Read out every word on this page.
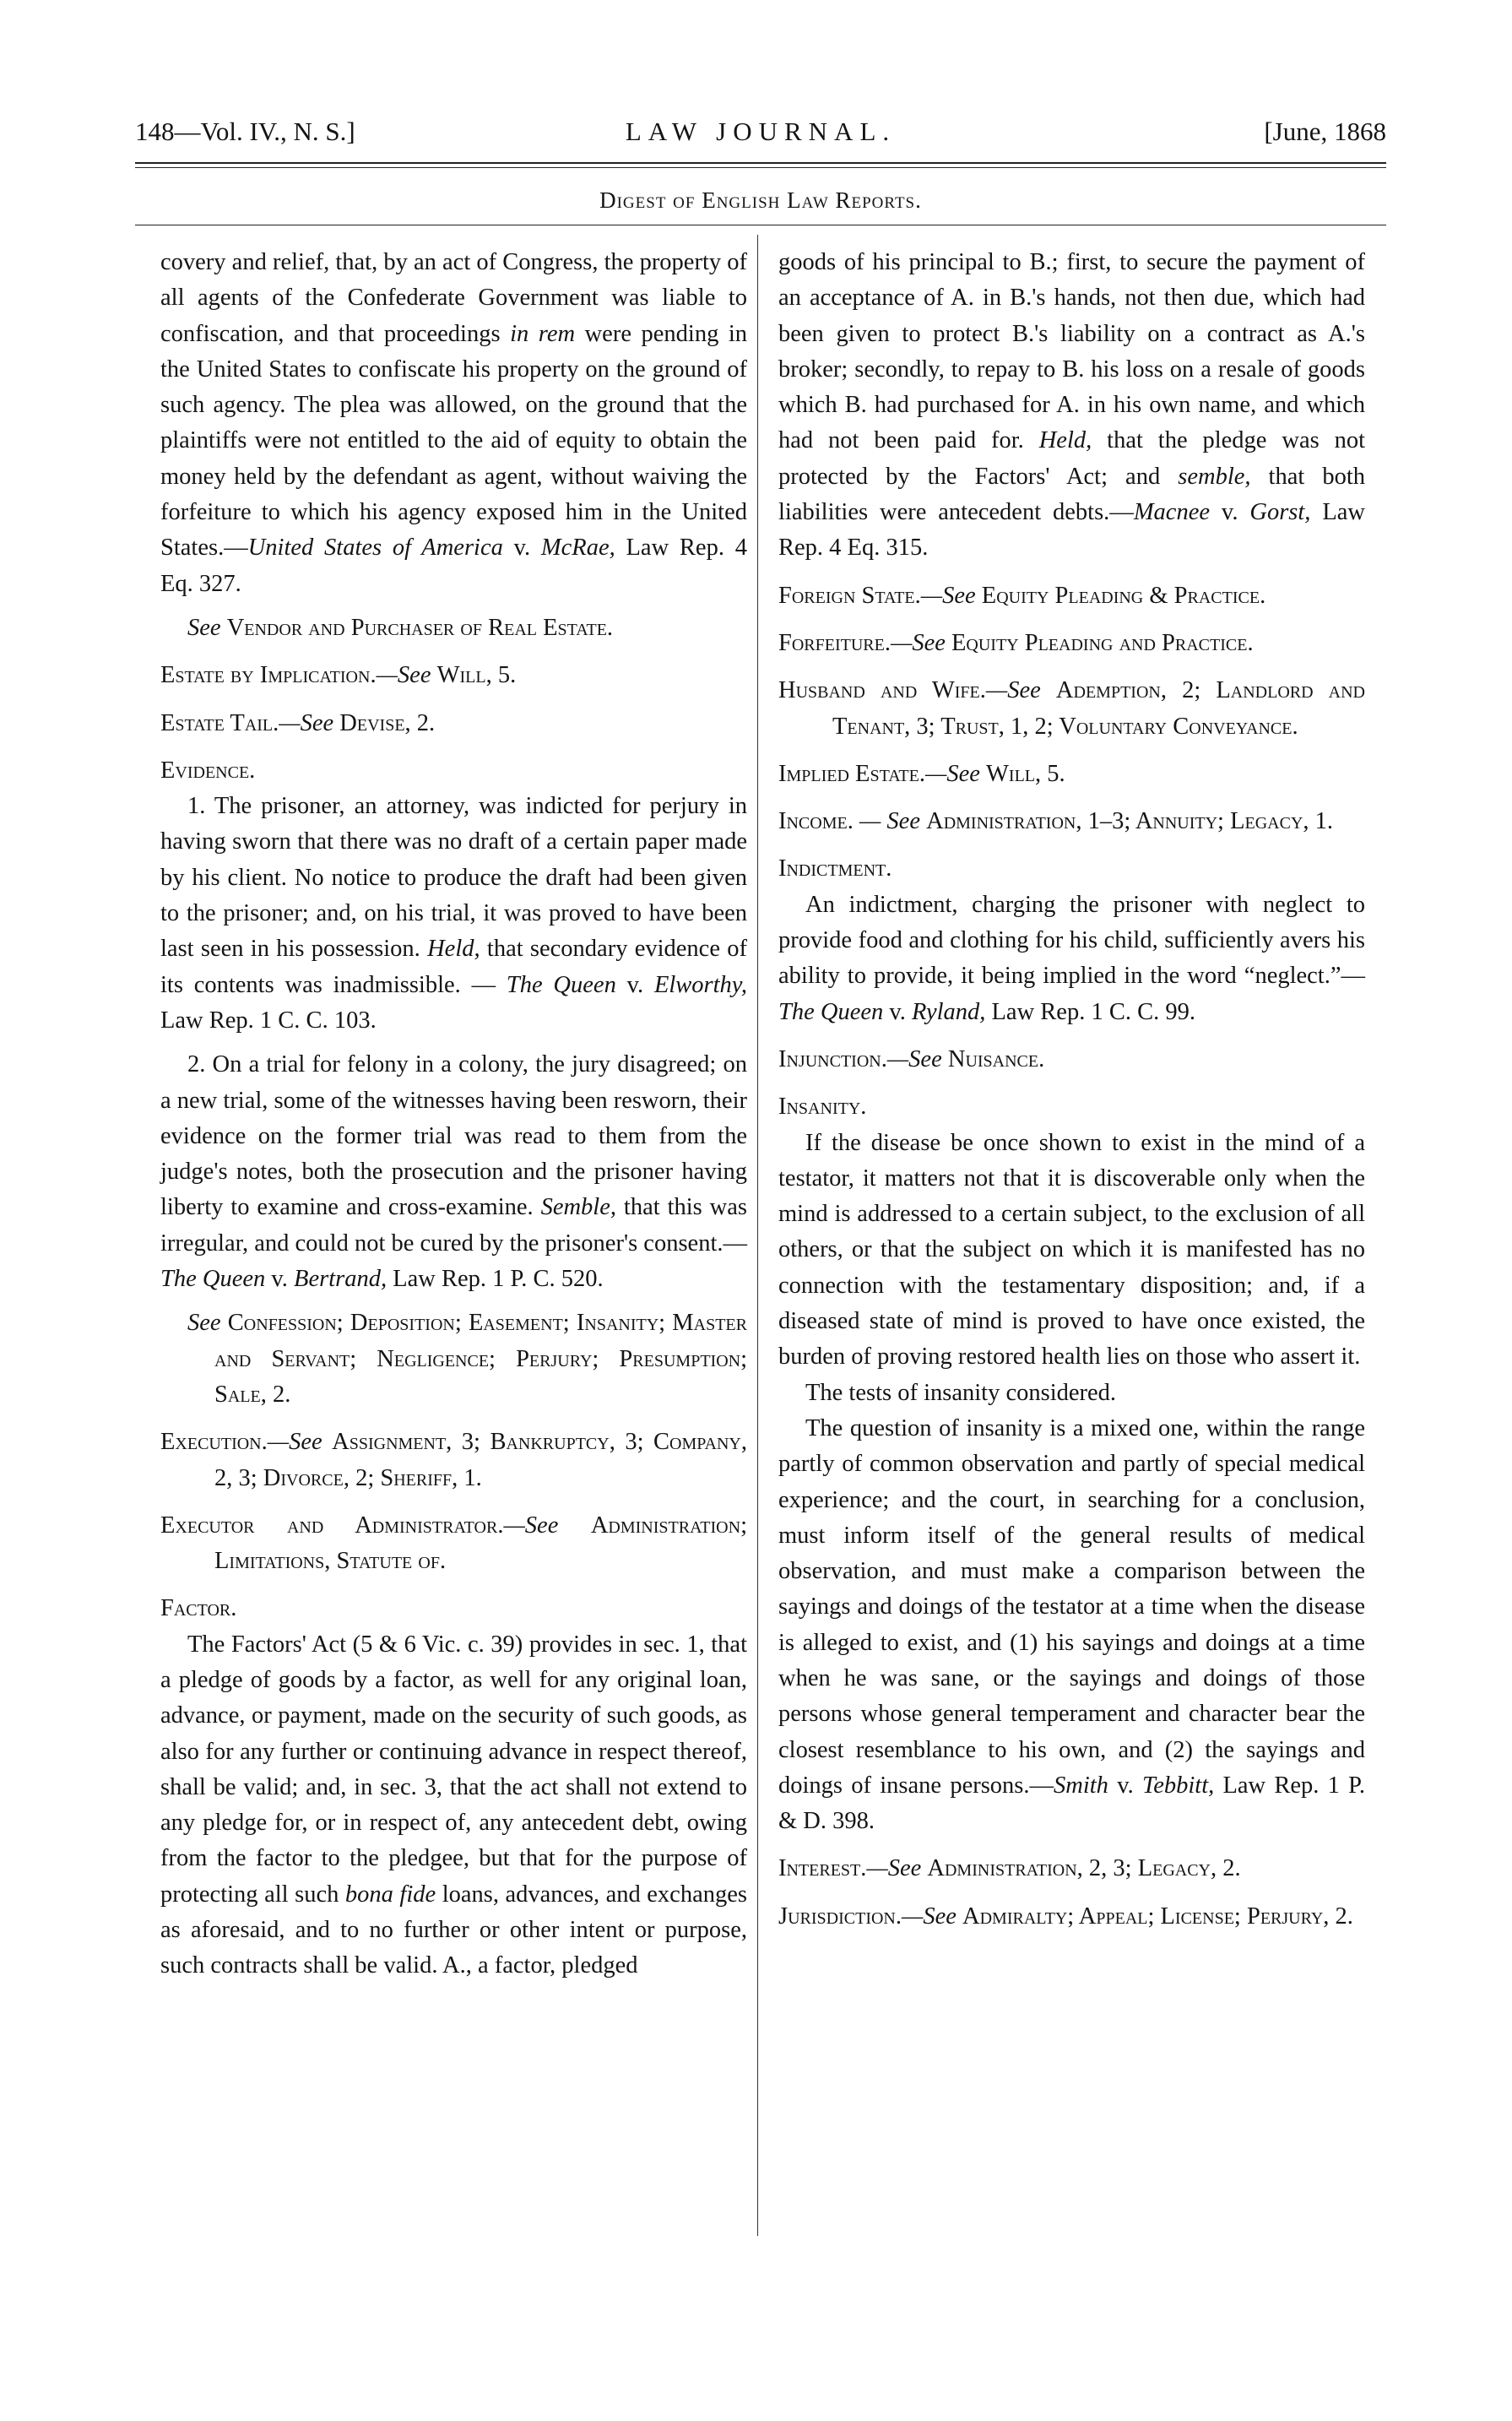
148—Vol. IV., N. S.]	LAW JOURNAL.	[June, 1868
Digest of English Law Reports.

covery and relief, that, by an act of Congress, the property of all agents of the Confederate Government was liable to confiscation, and that proceedings in rem were pending in the United States to confiscate his property on the ground of such agency. The plea was allowed, on the ground that the plaintiffs were not entitled to the aid of equity to obtain the money held by the defendant as agent, without waiving the forfeiture to which his agency exposed him in the United States.—United States of America v. McRae, Law Rep. 4 Eq. 327.

See Vendor and Purchaser of Real Estate.

Estate by Implication.—See Will, 5.

Estate Tail.—See Devise, 2.

Evidence.

1. The prisoner, an attorney, was indicted for perjury in having sworn that there was no draft of a certain paper made by his client. No notice to produce the draft had been given to the prisoner; and, on his trial, it was proved to have been last seen in his possession. Held, that secondary evidence of its contents was inadmissible. — The Queen v. Elworthy, Law Rep. 1 C. C. 103.

2. On a trial for felony in a colony, the jury disagreed; on a new trial, some of the witnesses having been resworn, their evidence on the former trial was read to them from the judge's notes, both the prosecution and the prisoner having liberty to examine and cross-examine. Semble, that this was irregular, and could not be cured by the prisoner's consent.—The Queen v. Bertrand, Law Rep. 1 P. C. 520.

See Confession; Deposition; Easement; Insanity; Master and Servant; Negligence; Perjury; Presumption; Sale, 2.

Execution.—See Assignment, 3; Bankruptcy, 3; Company, 2, 3; Divorce, 2; Sheriff, 1.

Executor and Administrator.—See Administration; Limitations, Statute of.

Factor.

The Factors' Act (5 & 6 Vic. c. 39) provides in sec. 1, that a pledge of goods by a factor, as well for any original loan, advance, or payment, made on the security of such goods, as also for any further or continuing advance in respect thereof, shall be valid; and, in sec. 3, that the act shall not extend to any pledge for, or in respect of, any antecedent debt, owing from the factor to the pledgee, but that for the purpose of protecting all such bona fide loans, advances, and exchanges as aforesaid, and to no further or other intent or purpose, such contracts shall be valid. A., a factor, pledged

goods of his principal to B.; first, to secure the payment of an acceptance of A. in B.'s hands, not then due, which had been given to protect B.'s liability on a contract as A.'s broker; secondly, to repay to B. his loss on a resale of goods which B. had purchased for A. in his own name, and which had not been paid for. Held, that the pledge was not protected by the Factors' Act; and semble, that both liabilities were antecedent debts.—Macnee v. Gorst, Law Rep. 4 Eq. 315.

Foreign State.—See Equity Pleading & Practice.

Forfeiture.—See Equity Pleading and Practice.

Husband and Wife.—See Ademption, 2; Landlord and Tenant, 3; Trust, 1, 2; Voluntary Conveyance.

Implied Estate.—See Will, 5.

Income. — See Administration, 1–3; Annuity; Legacy, 1.

Indictment.

An indictment, charging the prisoner with neglect to provide food and clothing for his child, sufficiently avers his ability to provide, it being implied in the word “neglect.”—The Queen v. Ryland, Law Rep. 1 C. C. 99.

Injunction.—See Nuisance.

Insanity.

If the disease be once shown to exist in the mind of a testator, it matters not that it is discoverable only when the mind is addressed to a certain subject, to the exclusion of all others, or that the subject on which it is manifested has no connection with the testamentary disposition; and, if a diseased state of mind is proved to have once existed, the burden of proving restored health lies on those who assert it.

The tests of insanity considered.

The question of insanity is a mixed one, within the range partly of common observation and partly of special medical experience; and the court, in searching for a conclusion, must inform itself of the general results of medical observation, and must make a comparison between the sayings and doings of the testator at a time when the disease is alleged to exist, and (1) his sayings and doings at a time when he was sane, or the sayings and doings of those persons whose general temperament and character bear the closest resemblance to his own, and (2) the sayings and doings of insane persons.—Smith v. Tebbitt, Law Rep. 1 P. & D. 398.

Interest.—See Administration, 2, 3; Legacy, 2.

Jurisdiction.—See Admiralty; Appeal; License; Perjury, 2.
